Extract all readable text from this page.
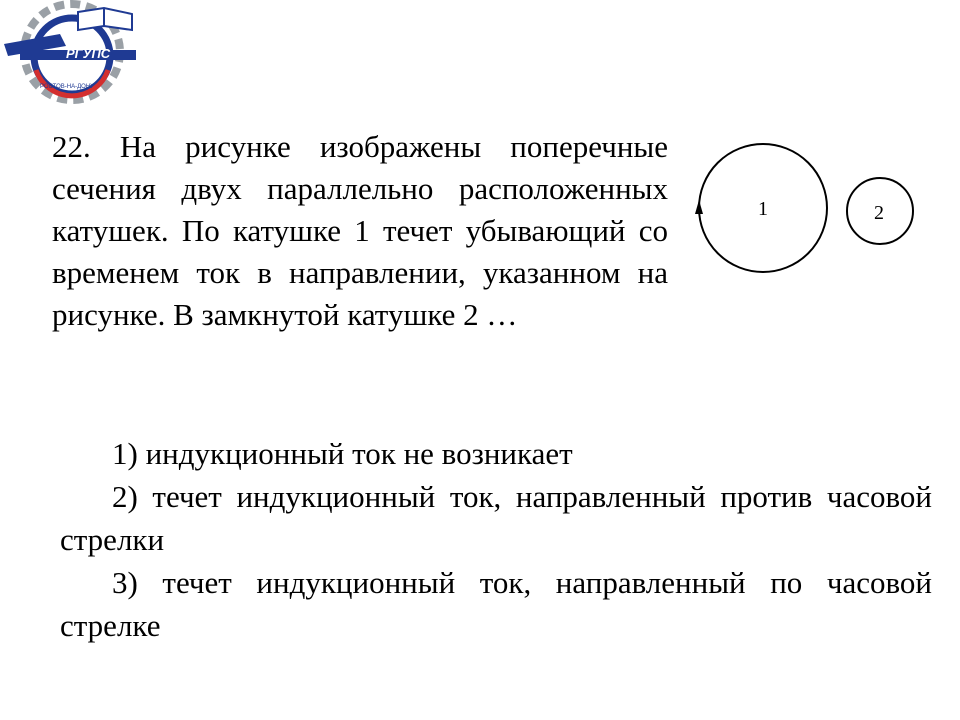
РГУПС
РОСТОВ-НА-ДОНУ

22. На рисунке изображены поперечные сечения двух параллельно расположенных катушек. По катушке 1 течет убывающий со временем ток в направлении, указанном на рисунке. В замкнутой катушке 2 …

1	2
1) индукционный ток не возникает
2) течет индукционный ток, направленный против часовой стрелки
3) течет индукционный ток, направленный по часовой стрелке
